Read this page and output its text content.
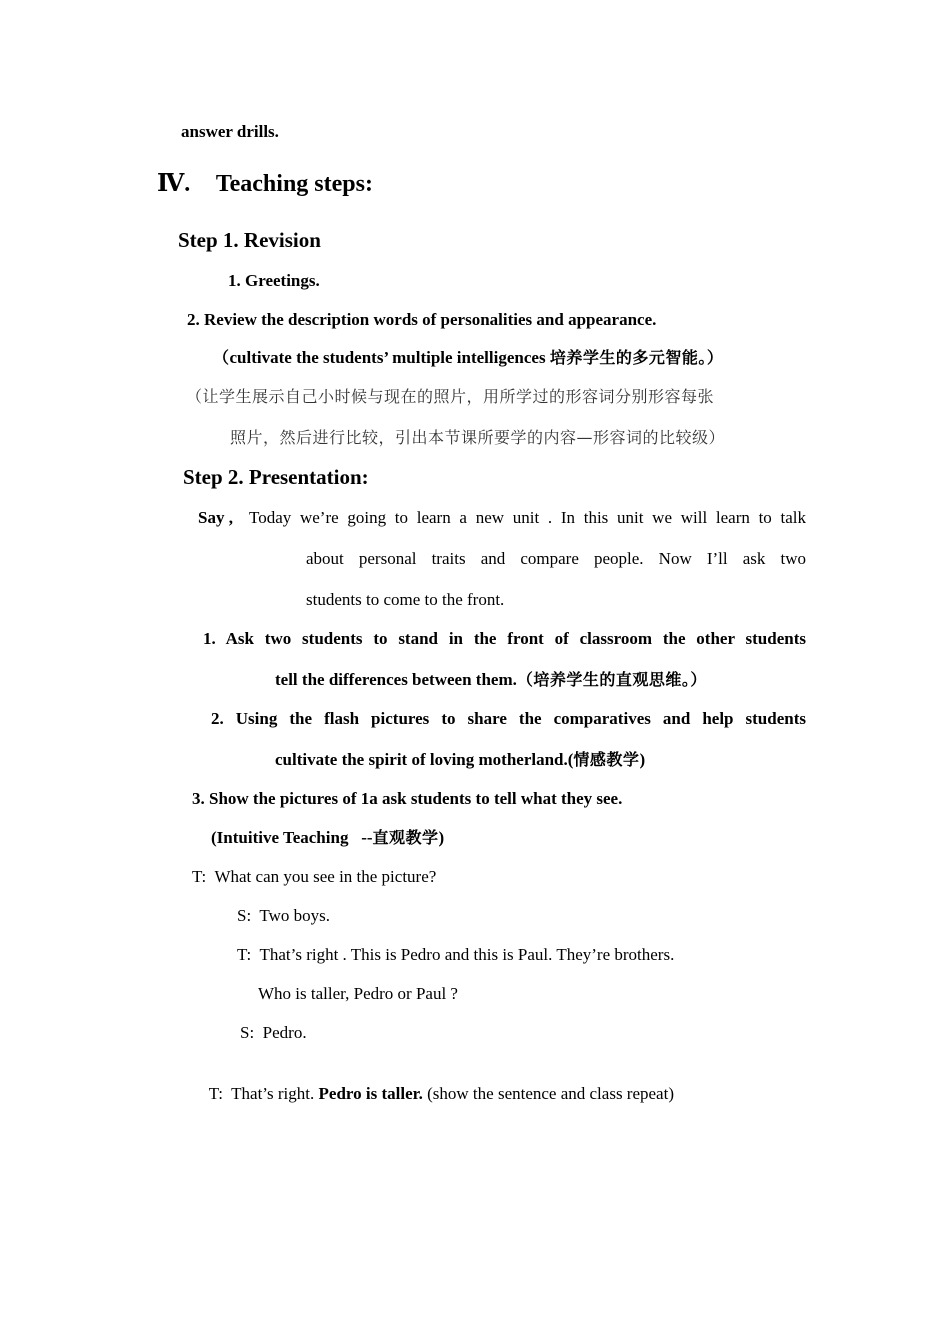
answer drills.
Ⅳ. Teaching steps:
Step 1. Revision
1. Greetings.
2. Review the description words of personalities and appearance.
（cultivate the students’ multiple intelligences 培养学生的多元智能。）
（让学生展示自己小时候与现在的照片，用所学过的形容词分别形容每张
照片，然后进行比较，引出本节课所要学的内容—形容词的比较级）
Step 2. Presentation:
Say , Today we’re going to learn a new unit . In this unit we will learn to talk
about personal traits and compare people. Now I’ll ask two
students to come to the front.
1. Ask two students to stand in the front of classroom the other students
tell the differences between them.（培养学生的直观思维。）
2. Using the flash pictures to share the comparatives and help students
cultivate the spirit of loving motherland.(情感教学)
3. Show the pictures of 1a ask students to tell what they see.
(Intuitive Teaching   --直观教学)
T:  What can you see in the picture?
S:  Two boys.
T:  That’s right . This is Pedro and this is Paul. They’re brothers.
Who is taller, Pedro or Paul ?
S:  Pedro.

T:  That’s right. Pedro is taller. (show the sentence and class repeat)
